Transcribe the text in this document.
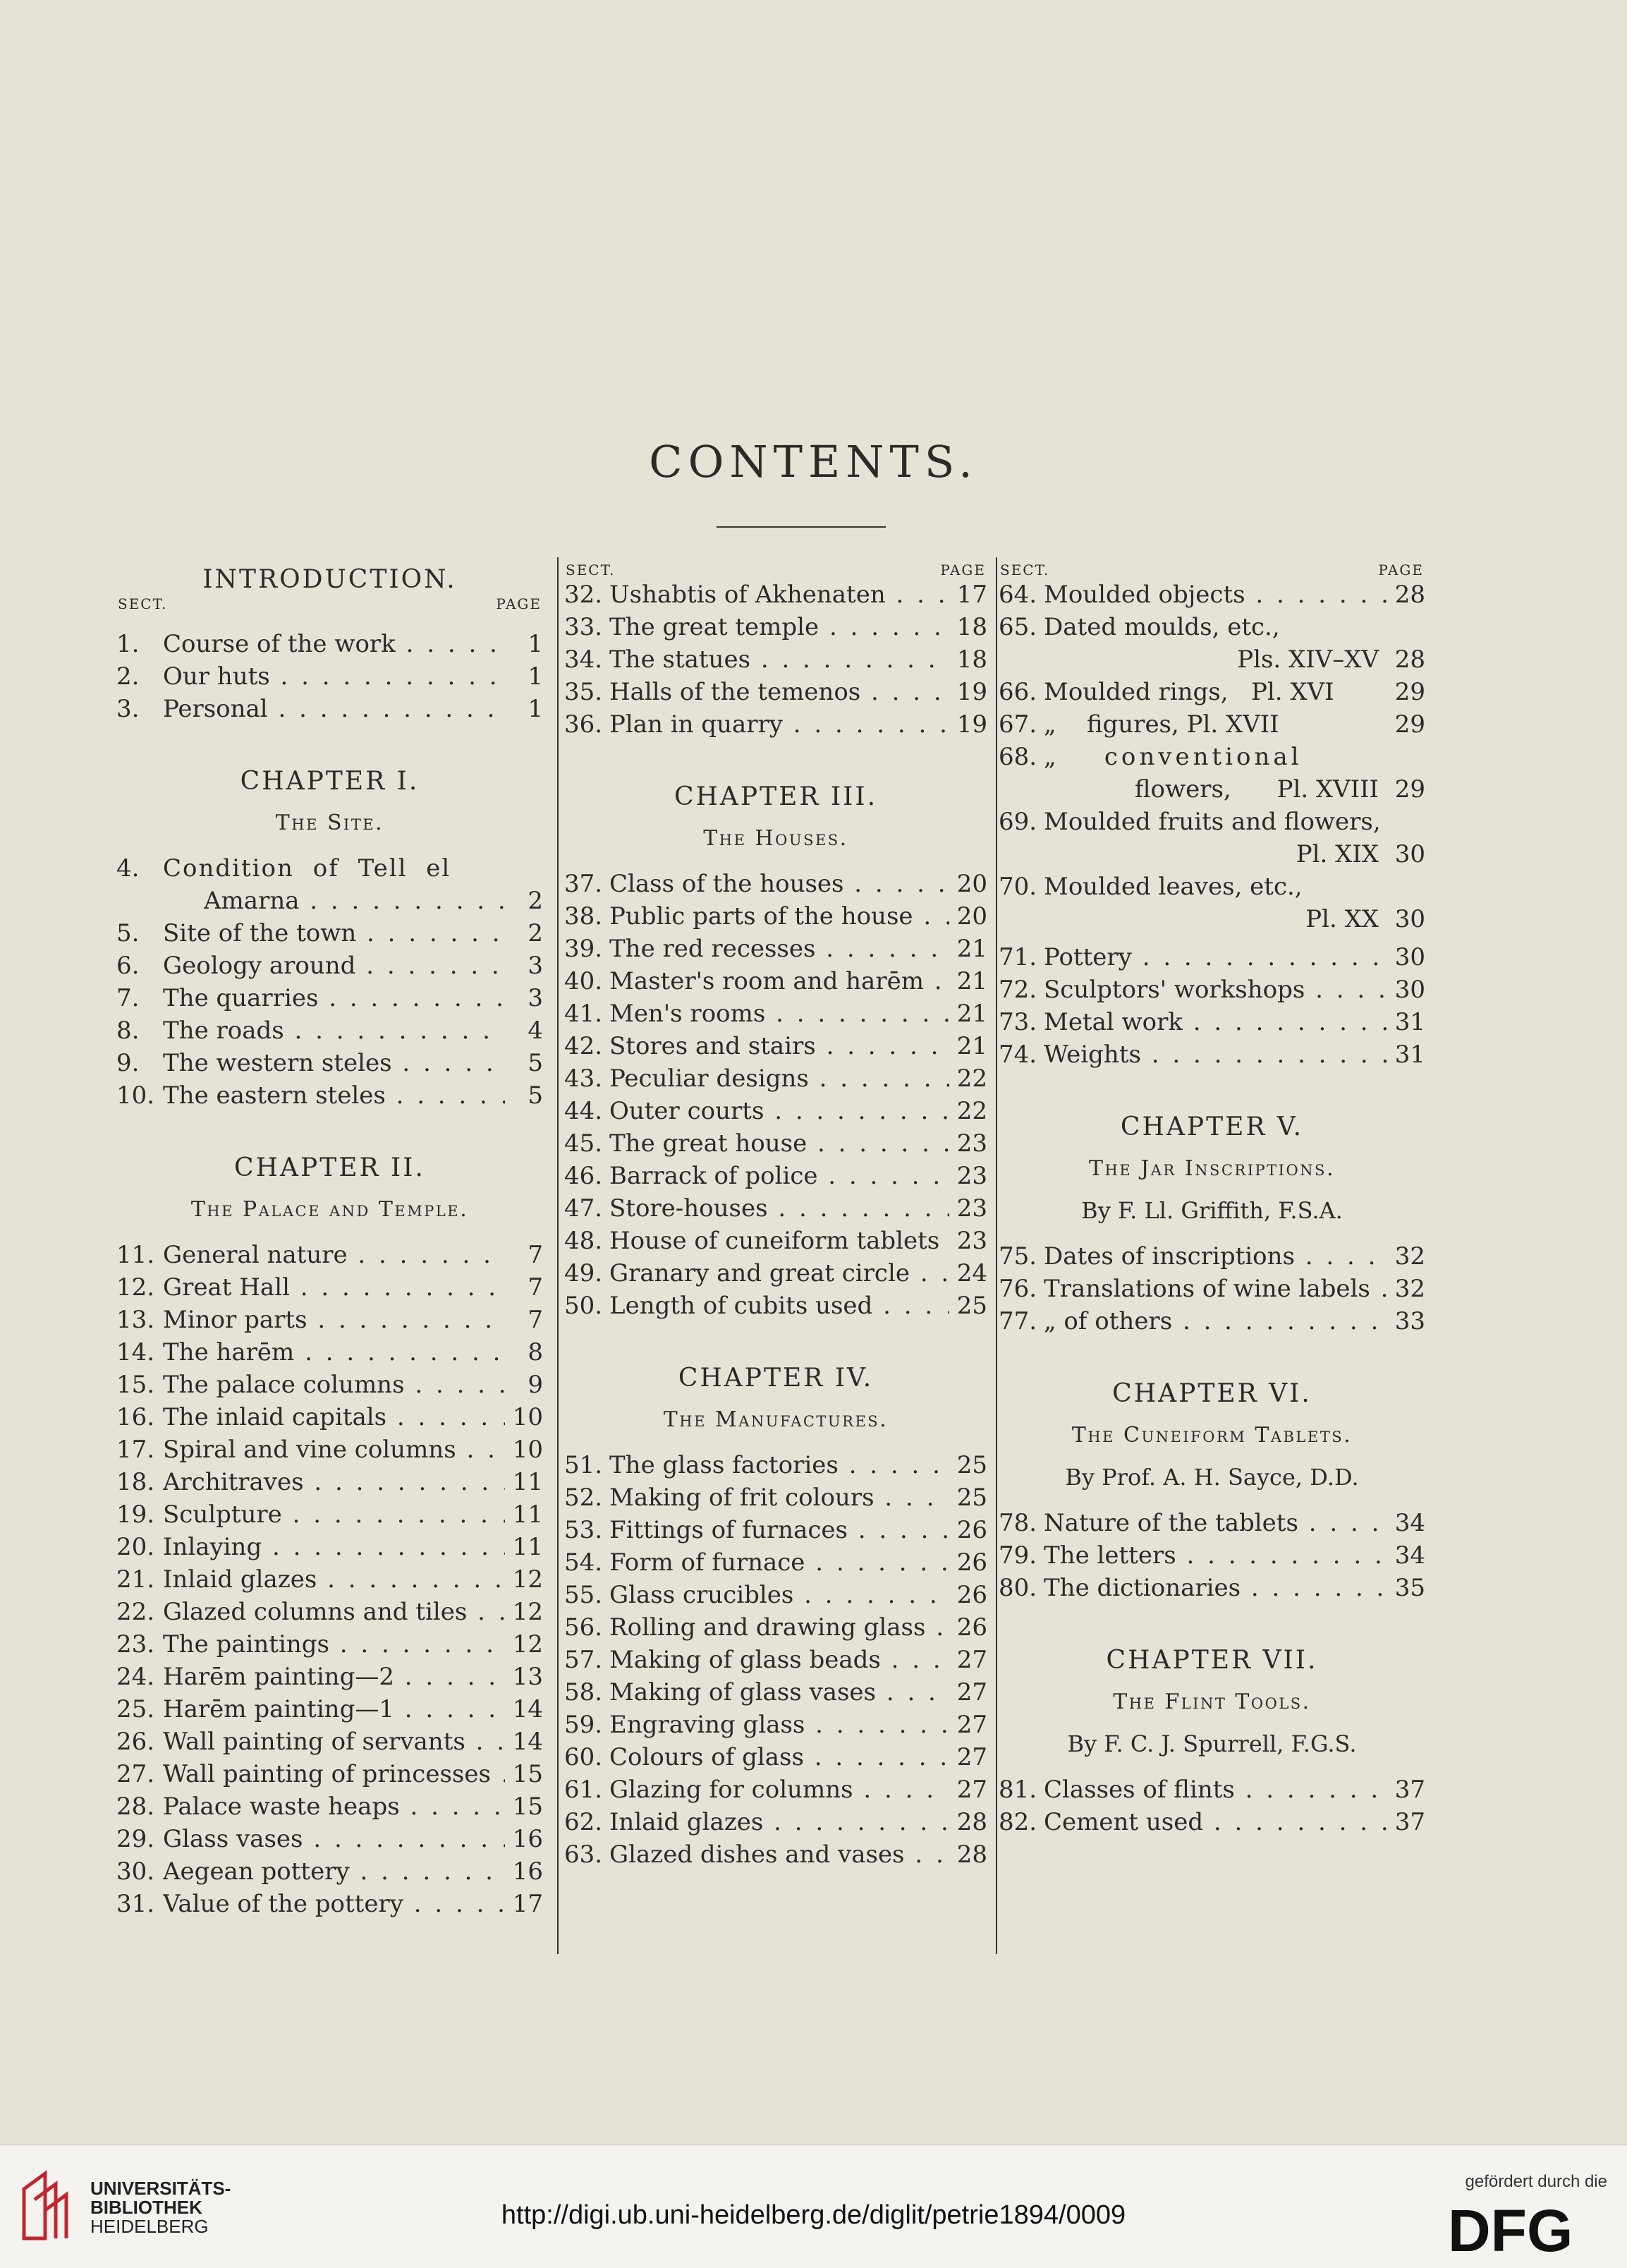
CONTENTS.
INTRODUCTION.
SECT.	PAGE
1. Course of the work . .	1
2. Our huts . .	1
3. Personal . .	1
CHAPTER I.
The Site.
4. Condition of Tell el
Amarna . .	2
5. Site of the town . .	2
6. Geology around . .	3
7. The quarries . .	3
8. The roads . .	4
9. The western steles . .	5
10. The eastern steles . .	5
CHAPTER II.
The Palace and Temple.
11. General nature . .	7
12. Great Hall . .	7
13. Minor parts . .	7
14. The harēm . .	8
15. The palace columns . .	9
16. The inlaid capitals . .	10
17. Spiral and vine columns . .	10
18. Architraves . .	11
19. Sculpture . .	11
20. Inlaying . .	11
21. Inlaid glazes . .	12
22. Glazed columns and tiles . .	12
23. The paintings . .	12
24. Harēm painting—2 . .	13
25. Harēm painting—1 . .	14
26. Wall painting of servants . .	14
27. Wall painting of princesses . . 15
28. Palace waste heaps . .	15
29. Glass vases . .	16
30. Aegean pottery . .	16
31. Value of the pottery . .	17
SECT.	PAGE
32. Ushabtis of Akhenaten . .	17
33. The great temple . .	18
34. The statues . .	18
35. Halls of the temenos . .	19
36. Plan in quarry . .	19
CHAPTER III.
The Houses.
37. Class of the houses . .	20
38. Public parts of the house . .	20
39. The red recesses . .	21
40. Master's room and harēm . .	21
41. Men's rooms . .	21
42. Stores and stairs . .	21
43. Peculiar designs . .	22
44. Outer courts . .	22
45. The great house . .	23
46. Barrack of police . .	23
47. Store-houses . .	23
48. House of cuneiform tablets . . 23
49. Granary and great circle . .	24
50. Length of cubits used . .	25
CHAPTER IV.
The Manufactures.
51. The glass factories . .	25
52. Making of frit colours . .	25
53. Fittings of furnaces . .	26
54. Form of furnace . .	26
55. Glass crucibles . .	26
56. Rolling and drawing glass . .	26
57. Making of glass beads . .	27
58. Making of glass vases . .	27
59. Engraving glass . .	27
60. Colours of glass . .	27
61. Glazing for columns . .	27
62. Inlaid glazes . .	28
63. Glazed dishes and vases . .	28
SECT.	PAGE
64. Moulded objects . .	28
65. Dated moulds, etc.,
Pls. XIV–XV 28
66. Moulded rings,   Pl. XVI	29
67. „    figures, Pl. XVII	29
68. „    conventional
flowers,      Pl. XVIII 29
69. Moulded fruits and flowers,
Pl. XIX 30
70. Moulded leaves, etc.,
Pl. XX 30
71. Pottery . .	30
72. Sculptors' workshops . .	30
73. Metal work . .	31
74. Weights . .	31
CHAPTER V.
The Jar Inscriptions.
By F. Ll. Griffith, F.S.A.
75. Dates of inscriptions . .	32
76. Translations of wine labels . .	32
77. „ of others . .	33
CHAPTER VI.
The Cuneiform Tablets.
By Prof. A. H. Sayce, D.D.
78. Nature of the tablets . .	34
79. The letters . .	34
80. The dictionaries . .	35
CHAPTER VII.
The Flint Tools.
By F. C. J. Spurrell, F.G.S.
81. Classes of flints . .	37
82. Cement used . .	37
UNIVERSITÄTS-
BIBLIOTHEK
HEIDELBERG	http://digi.ub.uni-heidelberg.de/diglit/petrie1894/0009
gefördert durch die
DFG
